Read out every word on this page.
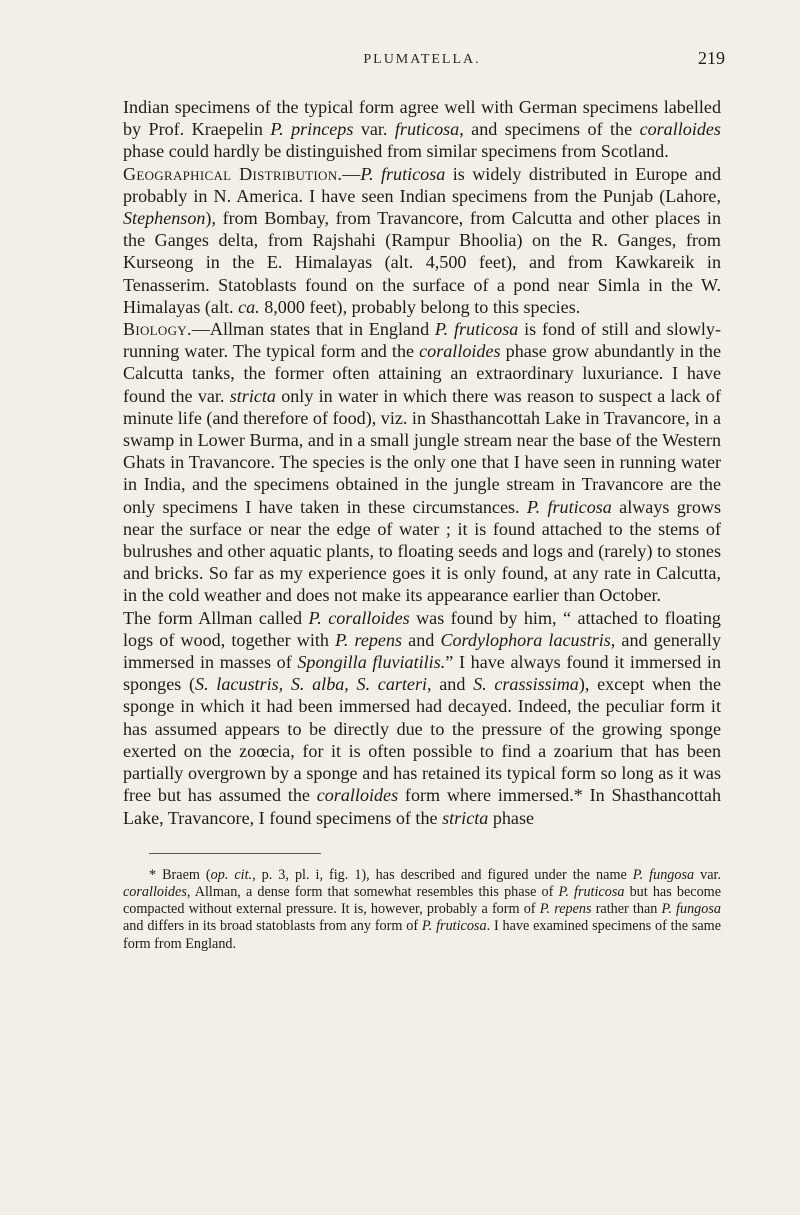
PLUMATELLA.	219

Indian specimens of the typical form agree well with German specimens labelled by Prof. Kraepelin P. princeps var. fruticosa, and specimens of the coralloides phase could hardly be distinguished from similar specimens from Scotland.

Geographical Distribution.—P. fruticosa is widely distributed in Europe and probably in N. America. I have seen Indian specimens from the Punjab (Lahore, Stephenson), from Bombay, from Travancore, from Calcutta and other places in the Ganges delta, from Rajshahi (Rampur Bhoolia) on the R. Ganges, from Kurseong in the E. Himalayas (alt. 4,500 feet), and from Kawkareik in Tenasserim. Statoblasts found on the surface of a pond near Simla in the W. Himalayas (alt. ca. 8,000 feet), probably belong to this species.

Biology.—Allman states that in England P. fruticosa is fond of still and slowly-running water. The typical form and the coralloides phase grow abundantly in the Calcutta tanks, the former often attaining an extraordinary luxuriance. I have found the var. stricta only in water in which there was reason to suspect a lack of minute life (and therefore of food), viz. in Shasthancottah Lake in Travancore, in a swamp in Lower Burma, and in a small jungle stream near the base of the Western Ghats in Travancore. The species is the only one that I have seen in running water in India, and the specimens obtained in the jungle stream in Travancore are the only specimens I have taken in these circumstances. P. fruticosa always grows near the surface or near the edge of water ; it is found attached to the stems of bulrushes and other aquatic plants, to floating seeds and logs and (rarely) to stones and bricks. So far as my experience goes it is only found, at any rate in Calcutta, in the cold weather and does not make its appearance earlier than October.

The form Allman called P. coralloides was found by him, “ attached to floating logs of wood, together with P. repens and Cordylophora lacustris, and generally immersed in masses of Spongilla fluviatilis.” I have always found it immersed in sponges (S. lacustris, S. alba, S. carteri, and S. crassissima), except when the sponge in which it had been immersed had decayed. Indeed, the peculiar form it has assumed appears to be directly due to the pressure of the growing sponge exerted on the zoœcia, for it is often possible to find a zoarium that has been partially overgrown by a sponge and has retained its typical form so long as it was free but has assumed the coralloides form where immersed.* In Shasthancottah Lake, Travancore, I found specimens of the stricta phase

* Braem (op. cit., p. 3, pl. i, fig. 1), has described and figured under the name P. fungosa var. coralloides, Allman, a dense form that somewhat resembles this phase of P. fruticosa but has become compacted without external pressure. It is, however, probably a form of P. repens rather than P. fungosa and differs in its broad statoblasts from any form of P. fruticosa. I have examined specimens of the same form from England.
